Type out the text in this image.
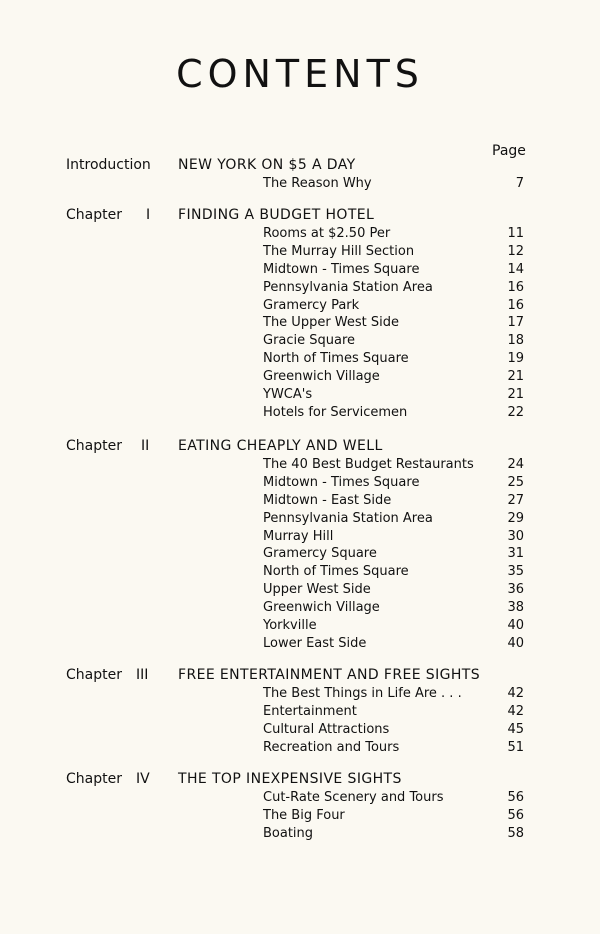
CONTENTS
Page
Introduction NEW YORK ON $5 A DAY
The Reason Why	7
Chapter I FINDING A BUDGET HOTEL
Rooms at $2.50 Per	11
The Murray Hill Section	12
Midtown - Times Square	14
Pennsylvania Station Area	16
Gramercy Park	16
The Upper West Side	17
Gracie Square	18
North of Times Square	19
Greenwich Village	21
YWCA's	21
Hotels for Servicemen	22
Chapter II EATING CHEAPLY AND WELL
The 40 Best Budget Restaurants	24
Midtown - Times Square	25
Midtown - East Side	27
Pennsylvania Station Area	29
Murray Hill	30
Gramercy Square	31
North of Times Square	35
Upper West Side	36
Greenwich Village	38
Yorkville	40
Lower East Side	40
Chapter III FREE ENTERTAINMENT AND FREE SIGHTS
The Best Things in Life Are . . .	42
Entertainment	42
Cultural Attractions	45
Recreation and Tours	51
Chapter IV THE TOP INEXPENSIVE SIGHTS
Cut-Rate Scenery and Tours	56
The Big Four	56
Boating	58
